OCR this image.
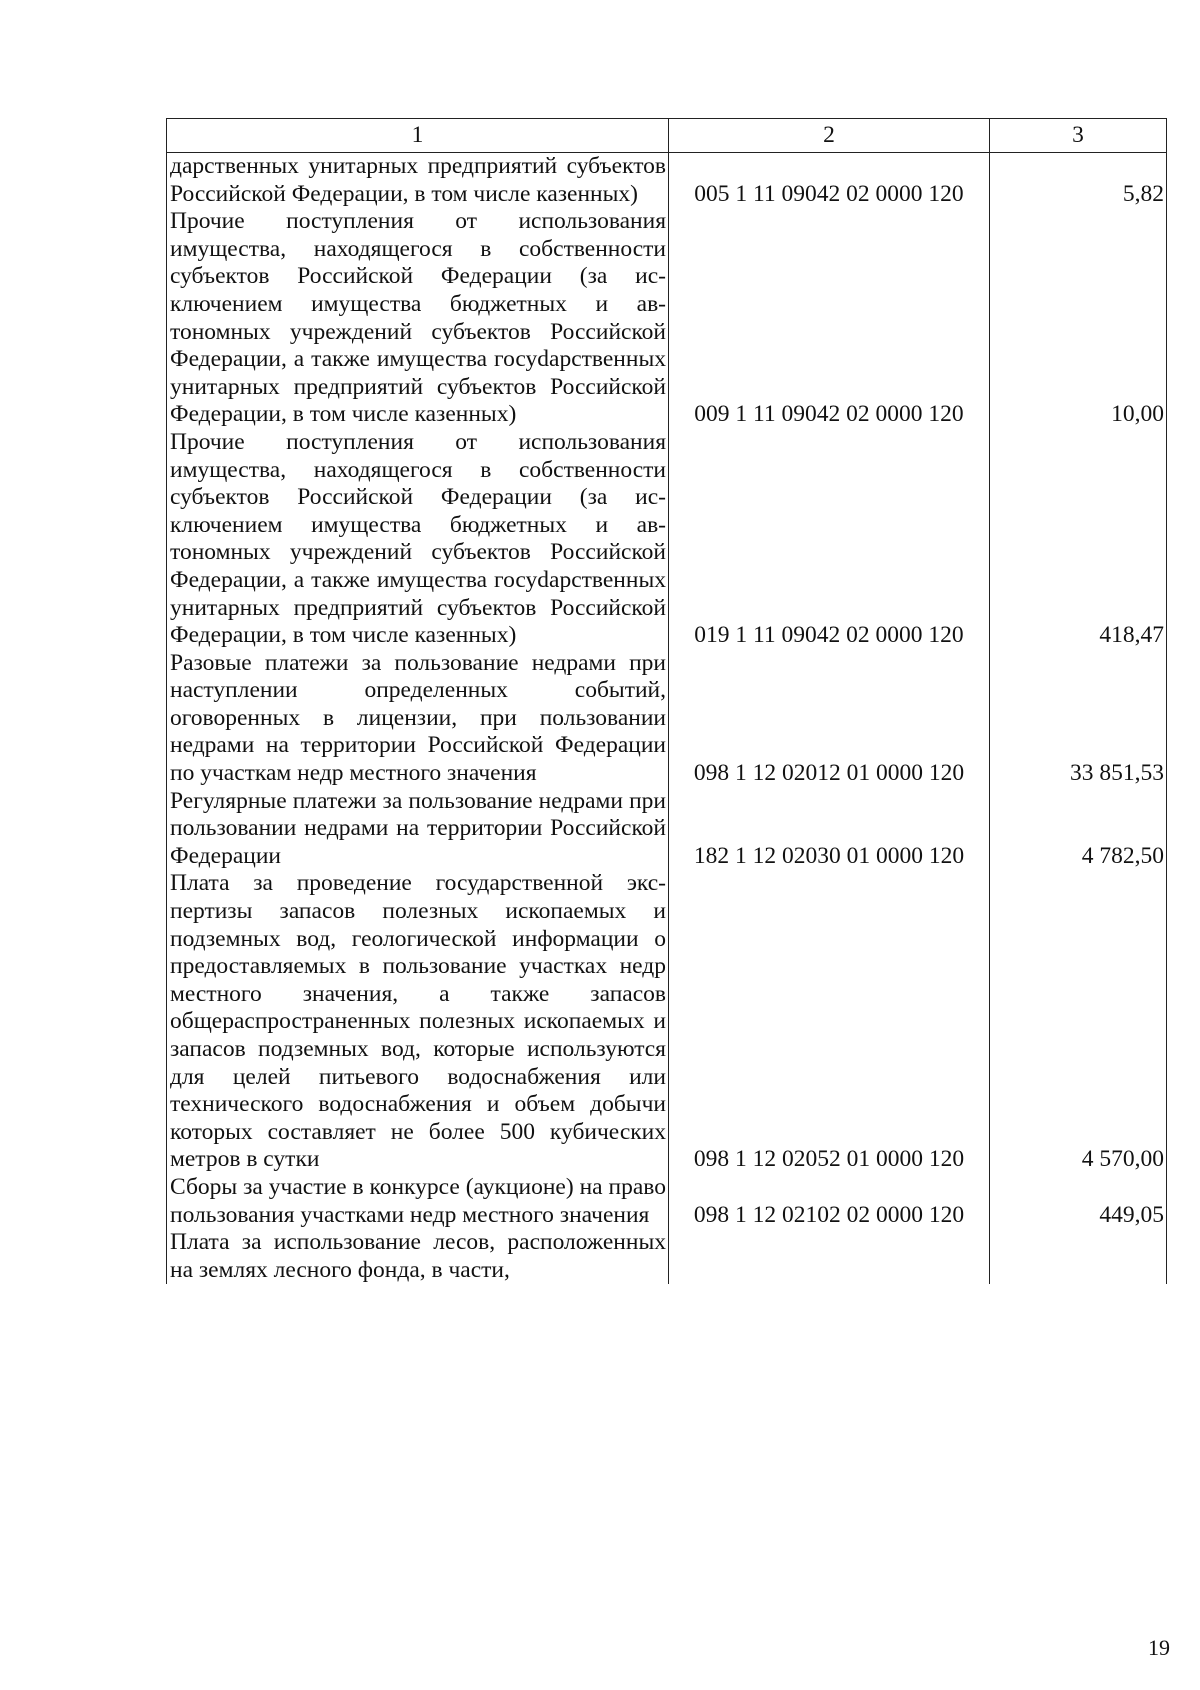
1	2	3
дарственных унитарных предприятий субъектов Российской Федерации, в том числе казенных)	005 1 11 09042 02 0000 120	5,82
Прочие поступления от использования имущества, находящегося в собственности субъектов Российской Федерации (за исключением имущества бюджетных и автономных учреждений субъектов Российской Федерации, а также имущества госуdарственных унитарных предприятий субъектов Российской Федерации, в том числе казенных)	009 1 11 09042 02 0000 120	10,00
Прочие поступления от использования имущества, находящегося в собственности субъектов Российской Федерации (за исключением имущества бюджетных и автономных учреждений субъектов Российской Федерации, а также имущества госуdарственных унитарных предприятий субъектов Российской Федерации, в том числе казенных)	019 1 11 09042 02 0000 120	418,47
Разовые платежи за пользование недрами при наступлении определенных событий, оговоренных в лицензии, при пользовании недрами на территории Российской Федерации по участкам недр местного значения	098 1 12 02012 01 0000 120	33 851,53
Регулярные платежи за пользование недрами при пользовании недрами на территории Российской Федерации	182 1 12 02030 01 0000 120	4 782,50
Плата за проведение государственной экспертизы запасов полезных ископаемых и подземных вод, геологической информации о предоставляемых в пользование участках недр местного значения, а также запасов общераспространенных полезных ископаемых и запасов подземных вод, которые используются для целей питьевого водоснабжения или технического водоснабжения и объем добычи которых составляет не более 500 кубических метров в сутки	098 1 12 02052 01 0000 120	4 570,00
Сборы за участие в конкурсе (аукционе) на право пользования участками недр местного значения	098 1 12 02102 02 0000 120	449,05
Плата за использование лесов, расположенных на землях лесного фонда, в части,		
19
